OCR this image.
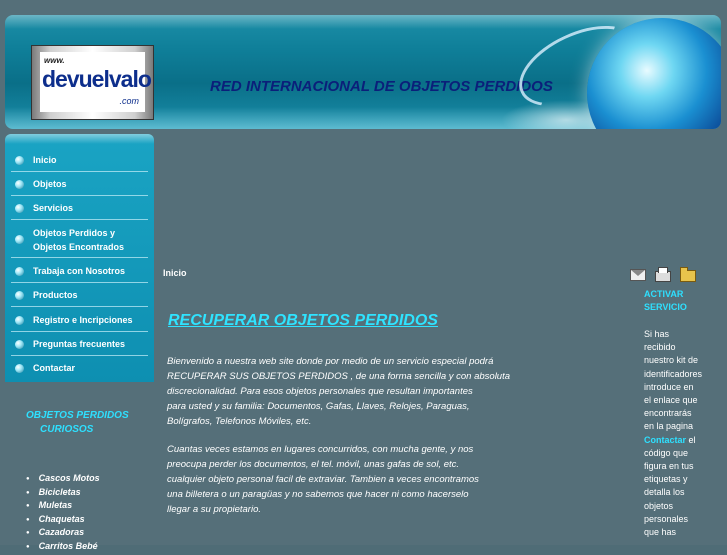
www.
devuelvalo
.com
RED INTERNACIONAL DE OBJETOS PERDIDOS
Inicio
Objetos
Servicios
Objetos Perdidos y Objetos Encontrados
Trabaja con Nosotros
Productos
Registro e Incripciones
Preguntas frecuentes
Contactar
OBJETOS PERDIDOS
CURIOSOS
● Cascos Motos
● Bicicletas
● Muletas
● Chaquetas
● Cazadoras
● Carritos Bebé
Inicio
RECUPERAR OBJETOS PERDIDOS

Bienvenido a nuestra web site donde por medio de un servicio especial podrá

RECUPERAR SUS OBJETOS PERDIDOS , de una forma sencilla y con absoluta

discrecionalidad. Para esos objetos personales que resultan importantes

para usted y su familia: Documentos, Gafas, Llaves, Relojes, Paraguas,

Bolígrafos, Telefonos Móviles, etc.

Cuantas veces estamos en lugares concurridos, con mucha gente, y nos

preocupa perder los documentos, el tel. móvil, unas gafas de sol, etc.

cualquier objeto personal facil de extraviar. Tambien a veces encontramos

una billetera o un paragüas y no sabemos que hacer ni como hacerselo

llegar a su propietario.

ACTIVAR
SERVICIO
Si has
recibido
nuestro kit de
identificadores
introduce en
el enlace que
encontrarás
en la pagina
Contactar el
código que
figura en tus
etiquetas y
detalla los
objetos
personales
que has
